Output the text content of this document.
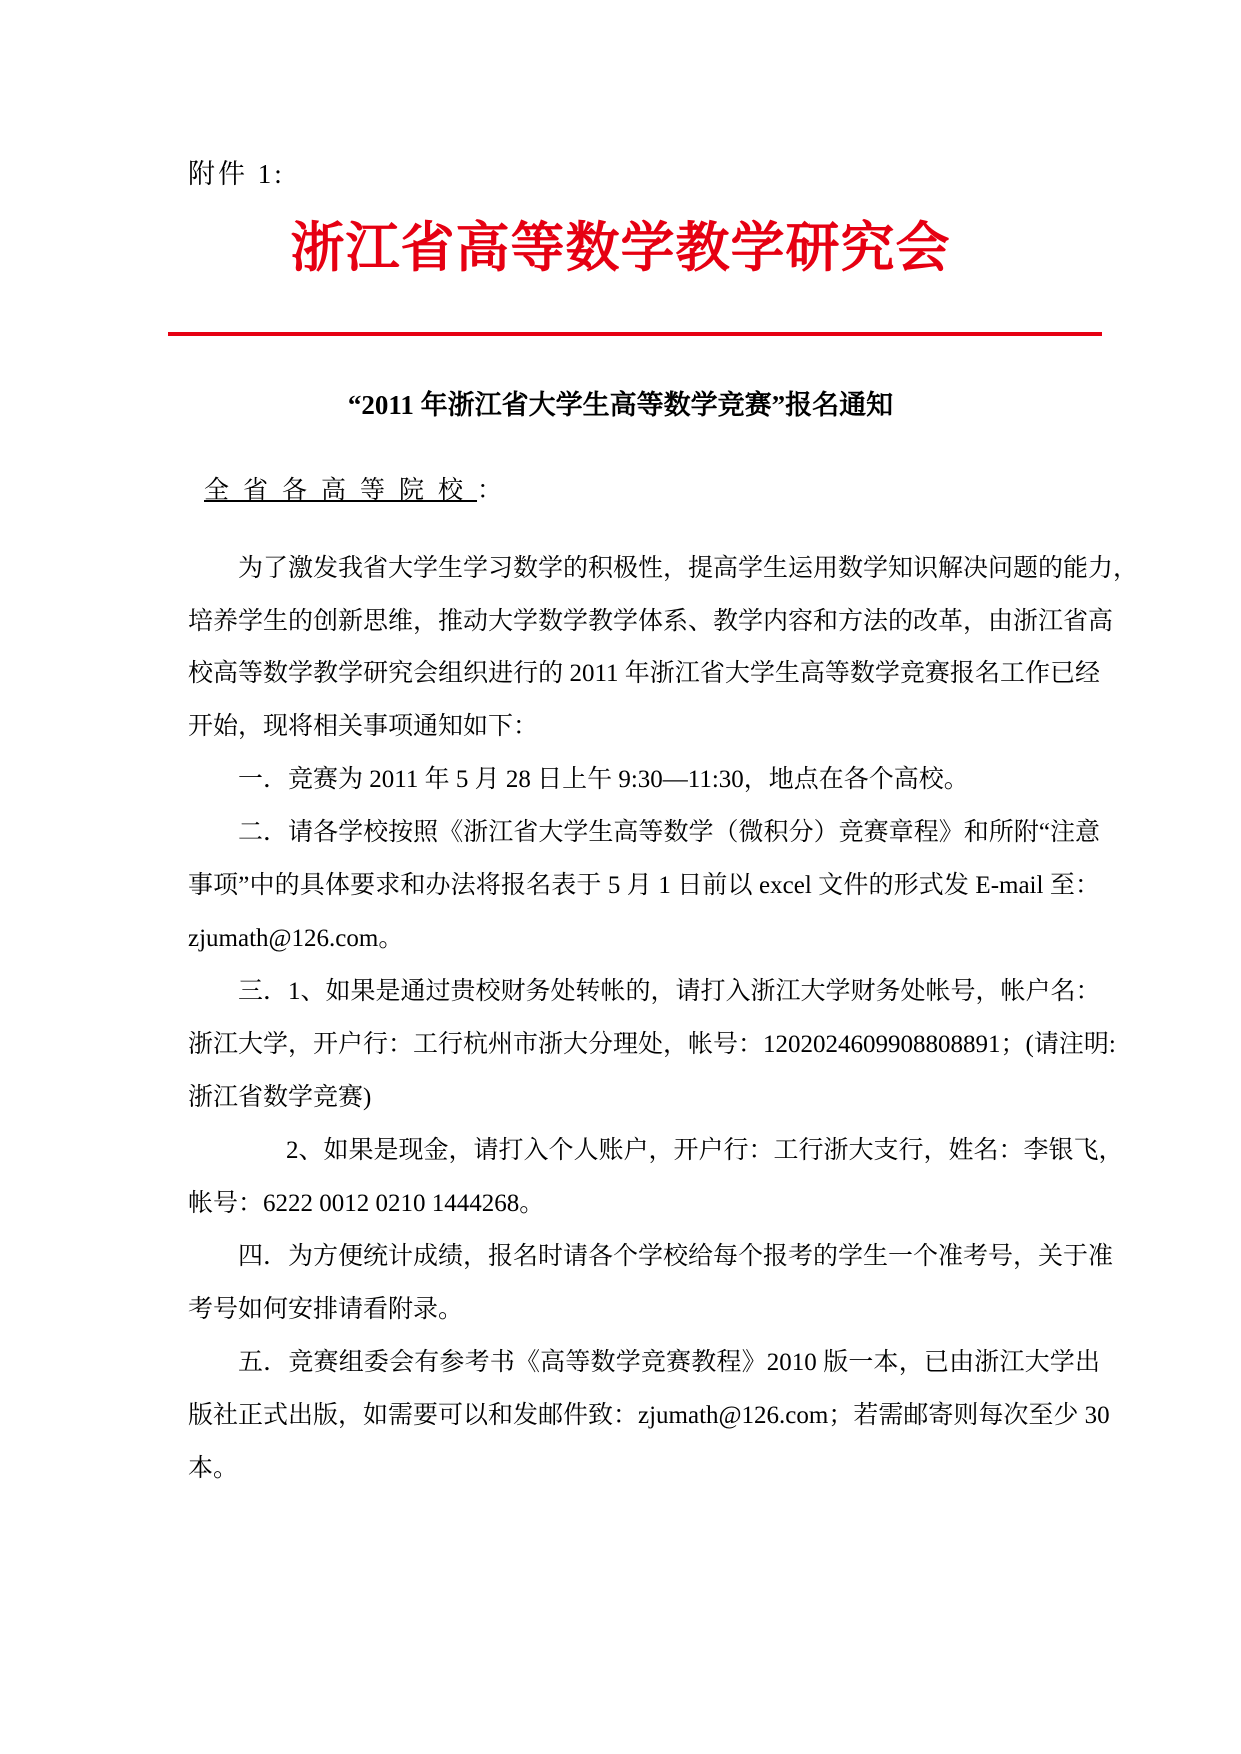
附件 1:
浙江省高等数学教学研究会
“2011 年浙江省大学生高等数学竞赛”报名通知
全省各高等院校：
为了激发我省大学生学习数学的积极性，提高学生运用数学知识解决问题的能力，
培养学生的创新思维，推动大学数学教学体系、教学内容和方法的改革，由浙江省高
校高等数学教学研究会组织进行的 2011 年浙江省大学生高等数学竞赛报名工作已经
开始，现将相关事项通知如下：
一．竞赛为 2011 年 5 月 28 日上午 9:30—11:30，地点在各个高校。
二．请各学校按照《浙江省大学生高等数学（微积分）竞赛章程》和所附“注意
事项”中的具体要求和办法将报名表于 5 月 1 日前以 excel 文件的形式发 E-mail 至：
zjumath@126.com。
三．1、如果是通过贵校财务处转帐的，请打入浙江大学财务处帐号，帐户名：
浙江大学，开户行：工行杭州市浙大分理处，帐号：1202024609908808891；(请注明:
浙江省数学竞赛)
2、如果是现金，请打入个人账户，开户行：工行浙大支行，姓名：李银飞，
帐号：6222 0012 0210 1444268。
四．为方便统计成绩，报名时请各个学校给每个报考的学生一个准考号，关于准
考号如何安排请看附录。
五．竞赛组委会有参考书《高等数学竞赛教程》2010 版一本，已由浙江大学出
版社正式出版，如需要可以和发邮件致：zjumath@126.com；若需邮寄则每次至少 30
本。
